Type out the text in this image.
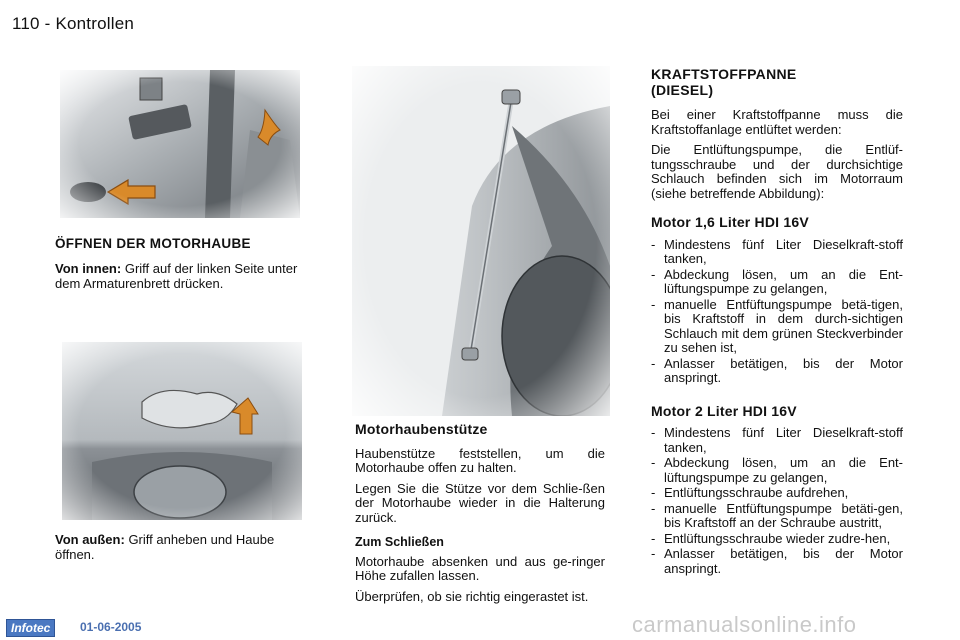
110 - Kontrollen
ÖFFNEN DER MOTORHAUBE

Von innen: Griff auf der linken Seite unter dem Armaturenbrett drücken.

Von außen: Griff anheben und Haube öffnen.

Motorhaubenstütze

Haubenstütze feststellen, um die Motorhaube offen zu halten.

Legen Sie die Stütze vor dem Schlie-ßen der Motorhaube wieder in die Halterung zurück.

Zum Schließen

Motorhaube absenken und aus ge-ringer Höhe zufallen lassen.

Überprüfen, ob sie richtig eingerastet ist.

KRAFTSTOFFPANNE
(DIESEL)

Bei einer Kraftstoffpanne muss die Kraftstoffanlage entlüftet werden:

Die Entlüftungspumpe, die Entlüf-tungsschraube und der durchsichtige Schlauch befinden sich im Motorraum (siehe betreffende Abbildung):

Motor 1,6 Liter HDI 16V
- Mindestens fünf Liter Dieselkraft-stoff tanken,
- Abdeckung lösen, um an die Ent-lüftungspumpe zu gelangen,
- manuelle Entfüftungspumpe betä-tigen, bis Kraftstoff in dem durch-sichtigen Schlauch mit dem grünen Steckverbinder zu sehen ist,
- Anlasser betätigen, bis der Motor anspringt.
Motor 2 Liter HDI 16V
- Mindestens fünf Liter Dieselkraft-stoff tanken,
- Abdeckung lösen, um an die Ent-lüftungspumpe zu gelangen,
- Entlüftungsschraube aufdrehen,
- manuelle Entfüftungspumpe betäti-gen, bis Kraftstoff an der Schraube austritt,
- Entlüftungsschraube wieder zudre-hen,
- Anlasser betätigen, bis der Motor anspringt.
Infotec	01-06-2005	carmanualsonline.info
